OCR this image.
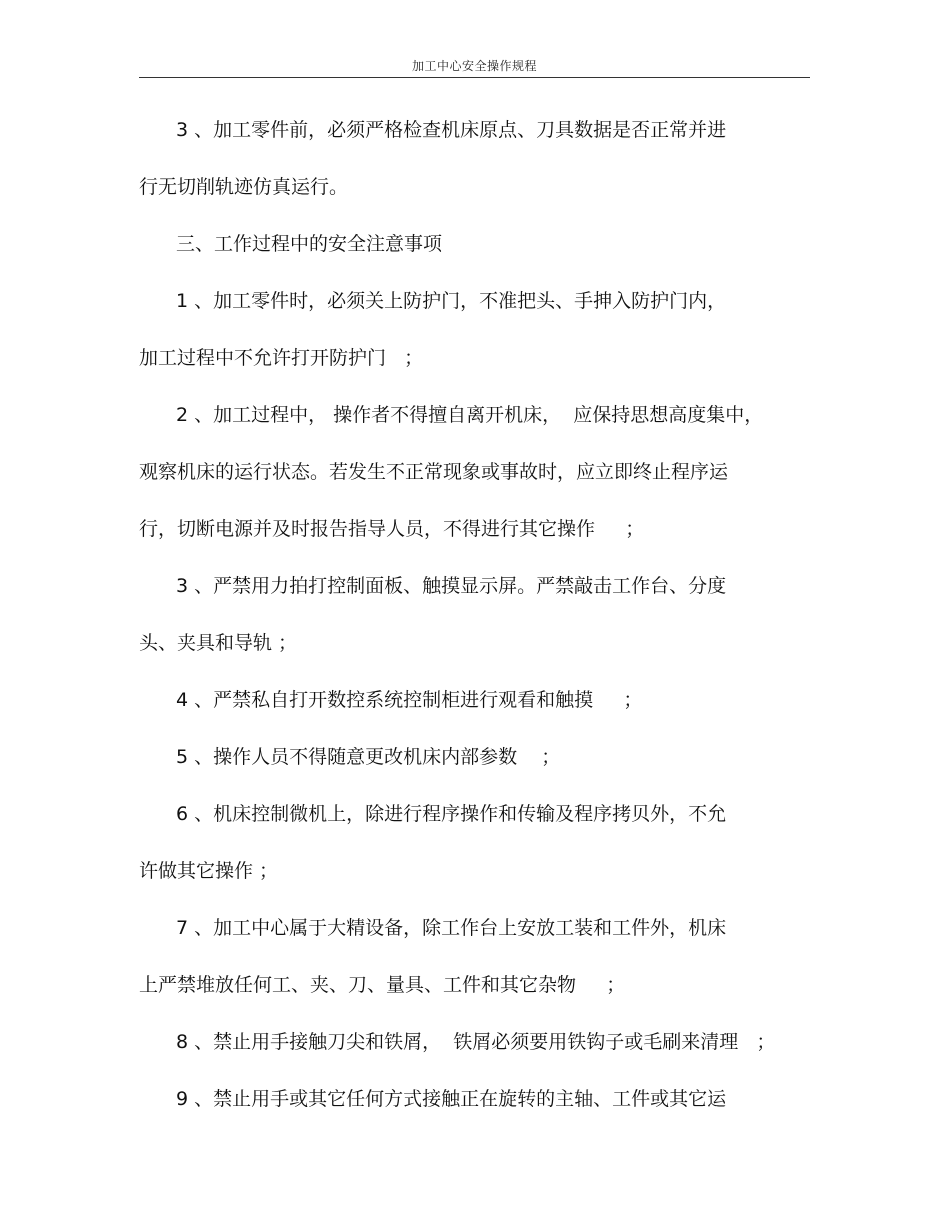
加工中心安全操作规程
3 、加工零件前，必须严格检查机床原点、刀具数据是否正常并进
行无切削轨迹仿真运行。
三、工作过程中的安全注意事项
1 、加工零件时，必须关上防护门，不准把头、手抻入防护门内，
加工过程中不允许打开防护门   ；
2 、加工过程中， 操作者不得擅自离开机床，  应保持思想高度集中，
观察机床的运行状态。若发生不正常现象或事故时，应立即终止程序运
行，切断电源并及时报告指导人员，不得进行其它操作     ；
3 、严禁用力拍打控制面板、触摸显示屏。严禁敲击工作台、分度
头、夹具和导轨 ；
4 、严禁私自打开数控系统控制柜进行观看和触摸     ；
5 、操作人员不得随意更改机床内部参数    ；
6 、机床控制微机上，除进行程序操作和传输及程序拷贝外，不允
许做其它操作 ；
7 、加工中心属于大精设备，除工作台上安放工装和工件外，机床
上严禁堆放任何工、夹、刀、量具、工件和其它杂物     ；
8 、禁止用手接触刀尖和铁屑，  铁屑必须要用铁钩子或毛刷来清理   ；
9 、禁止用手或其它任何方式接触正在旋转的主轴、工件或其它运
